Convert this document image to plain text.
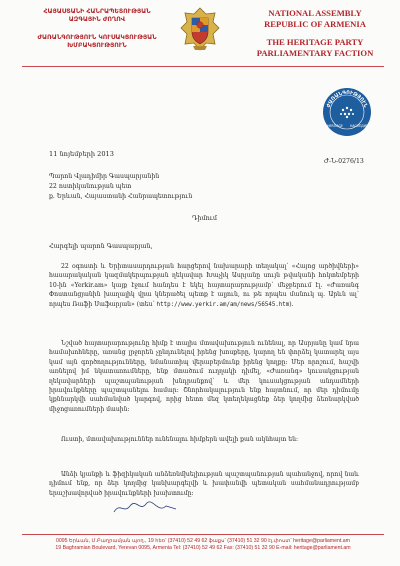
ՀԱՅԱՍՏԱՆԻ ՀԱՆՐԱՊԵՏՈՒԹՅԱՆ
ԱԶԳԱՅԻՆ ԺՈՂՈՎ
ԺԱՌԱՆԳՈՒԹՅՈՒՆ ԿՈՒՍԱԿՑՈՒԹՅԱՆ
ԽՄԲԱԿՑՈՒԹՅՈՒՆ
NATIONAL ASSEMBLY
REPUBLIC OF ARMENIA
THE HERITAGE PARTY
PARLIAMENTARY FACTION
ԺԱՌԱՆԳՈՒԹՅՈՒՆ
HERITAGE НАСЛЕДИЕ
11 նոյեմբերի 2013
Ժ-Ն-0276/13
Պարոն Վլադիմիր Գասպարյանին
22 ոստիկանության պետ
ք. Երևան, Հայաստանի Հանրապետություն
Դիմում
Հարգելի պարոն Գասպարյան,
22 օգոստի և Երիտասարդության հարցերով նախարարի տեղակալ՝ «Հայոց արծիվների» հասարակական կազմակերպության ղեկավար Խաչիկ Ասրյանը սույն թվականի հոկտեմբերի 10-ին «Yerkir.am» կայք էջում հանդես է եկել հայտարարությամբ՝ մեջբերում էլ. «Ժառանգ Փոստանցյանին խաղալիկ վրա կներածել պետք է ալյուն, ու թե որպես մանուկ պ. Արևն ալ՝ որպես Ռաֆի Սաֆարյան» (տես՝ http://www.yerkir.am/am/news/56545.htm).
Նշված հայտարարությունը հիմք է տալիս մտավախություն ունենալ, որ Ասրյանը կամ նրա համախոհները, առանց լրջորեն չընդունելով իրենց խոսքերը, կարող են փորձել կատարել այս կամ այն գործողությունները, նմանատիպ վերաբերմունք իրենց կողքը: Մեր որոշում, հաշվի առնելով իմ նկատառումները, ենք մտածում ուղղակի դիմել, «Ժառանգ» կուսակցության ղեկավարների պաշտպանության խնդրանքով՝ և մեր կուսակցության անդամների իրավունքները պաշտպանելու համար: Շնորհակալություն ենք հայտնում, որ մեր դիմումը կքննարկվի սահմանված կարգով, որից հետո մեզ կտեղեկացնեք ձեր կողմից ձեռնարկված միջոցառումների մասին:
Ուստի, մտավախություններ ունենալու հիմքերն ավելի քան ակնհայտ են:
Անձի կյանքի և ֆիզիկական անձեռնմխելիության պաշտպանության պահանջով, որով նաև դիմում ենք, որ ձեր կողմից կանխարգելվի և խափանվի պետական սահմանադրությամբ երաշխավորված իրավունքների խախտումը:
0095 Երևան, Մ.Բաղրամյան պող., 19 հեռ՝ (37410) 52 49 62 ֆաքս՝ (37410) 51 32 90 էլ.փոստ՝ heritage@parliament.am
19 Baghramian Boulevard, Yerevan 0095, Armenia Tel: (37410) 52 49 62 Fax: (37410) 51 32 90 E-mail: heritage@parliament.am
